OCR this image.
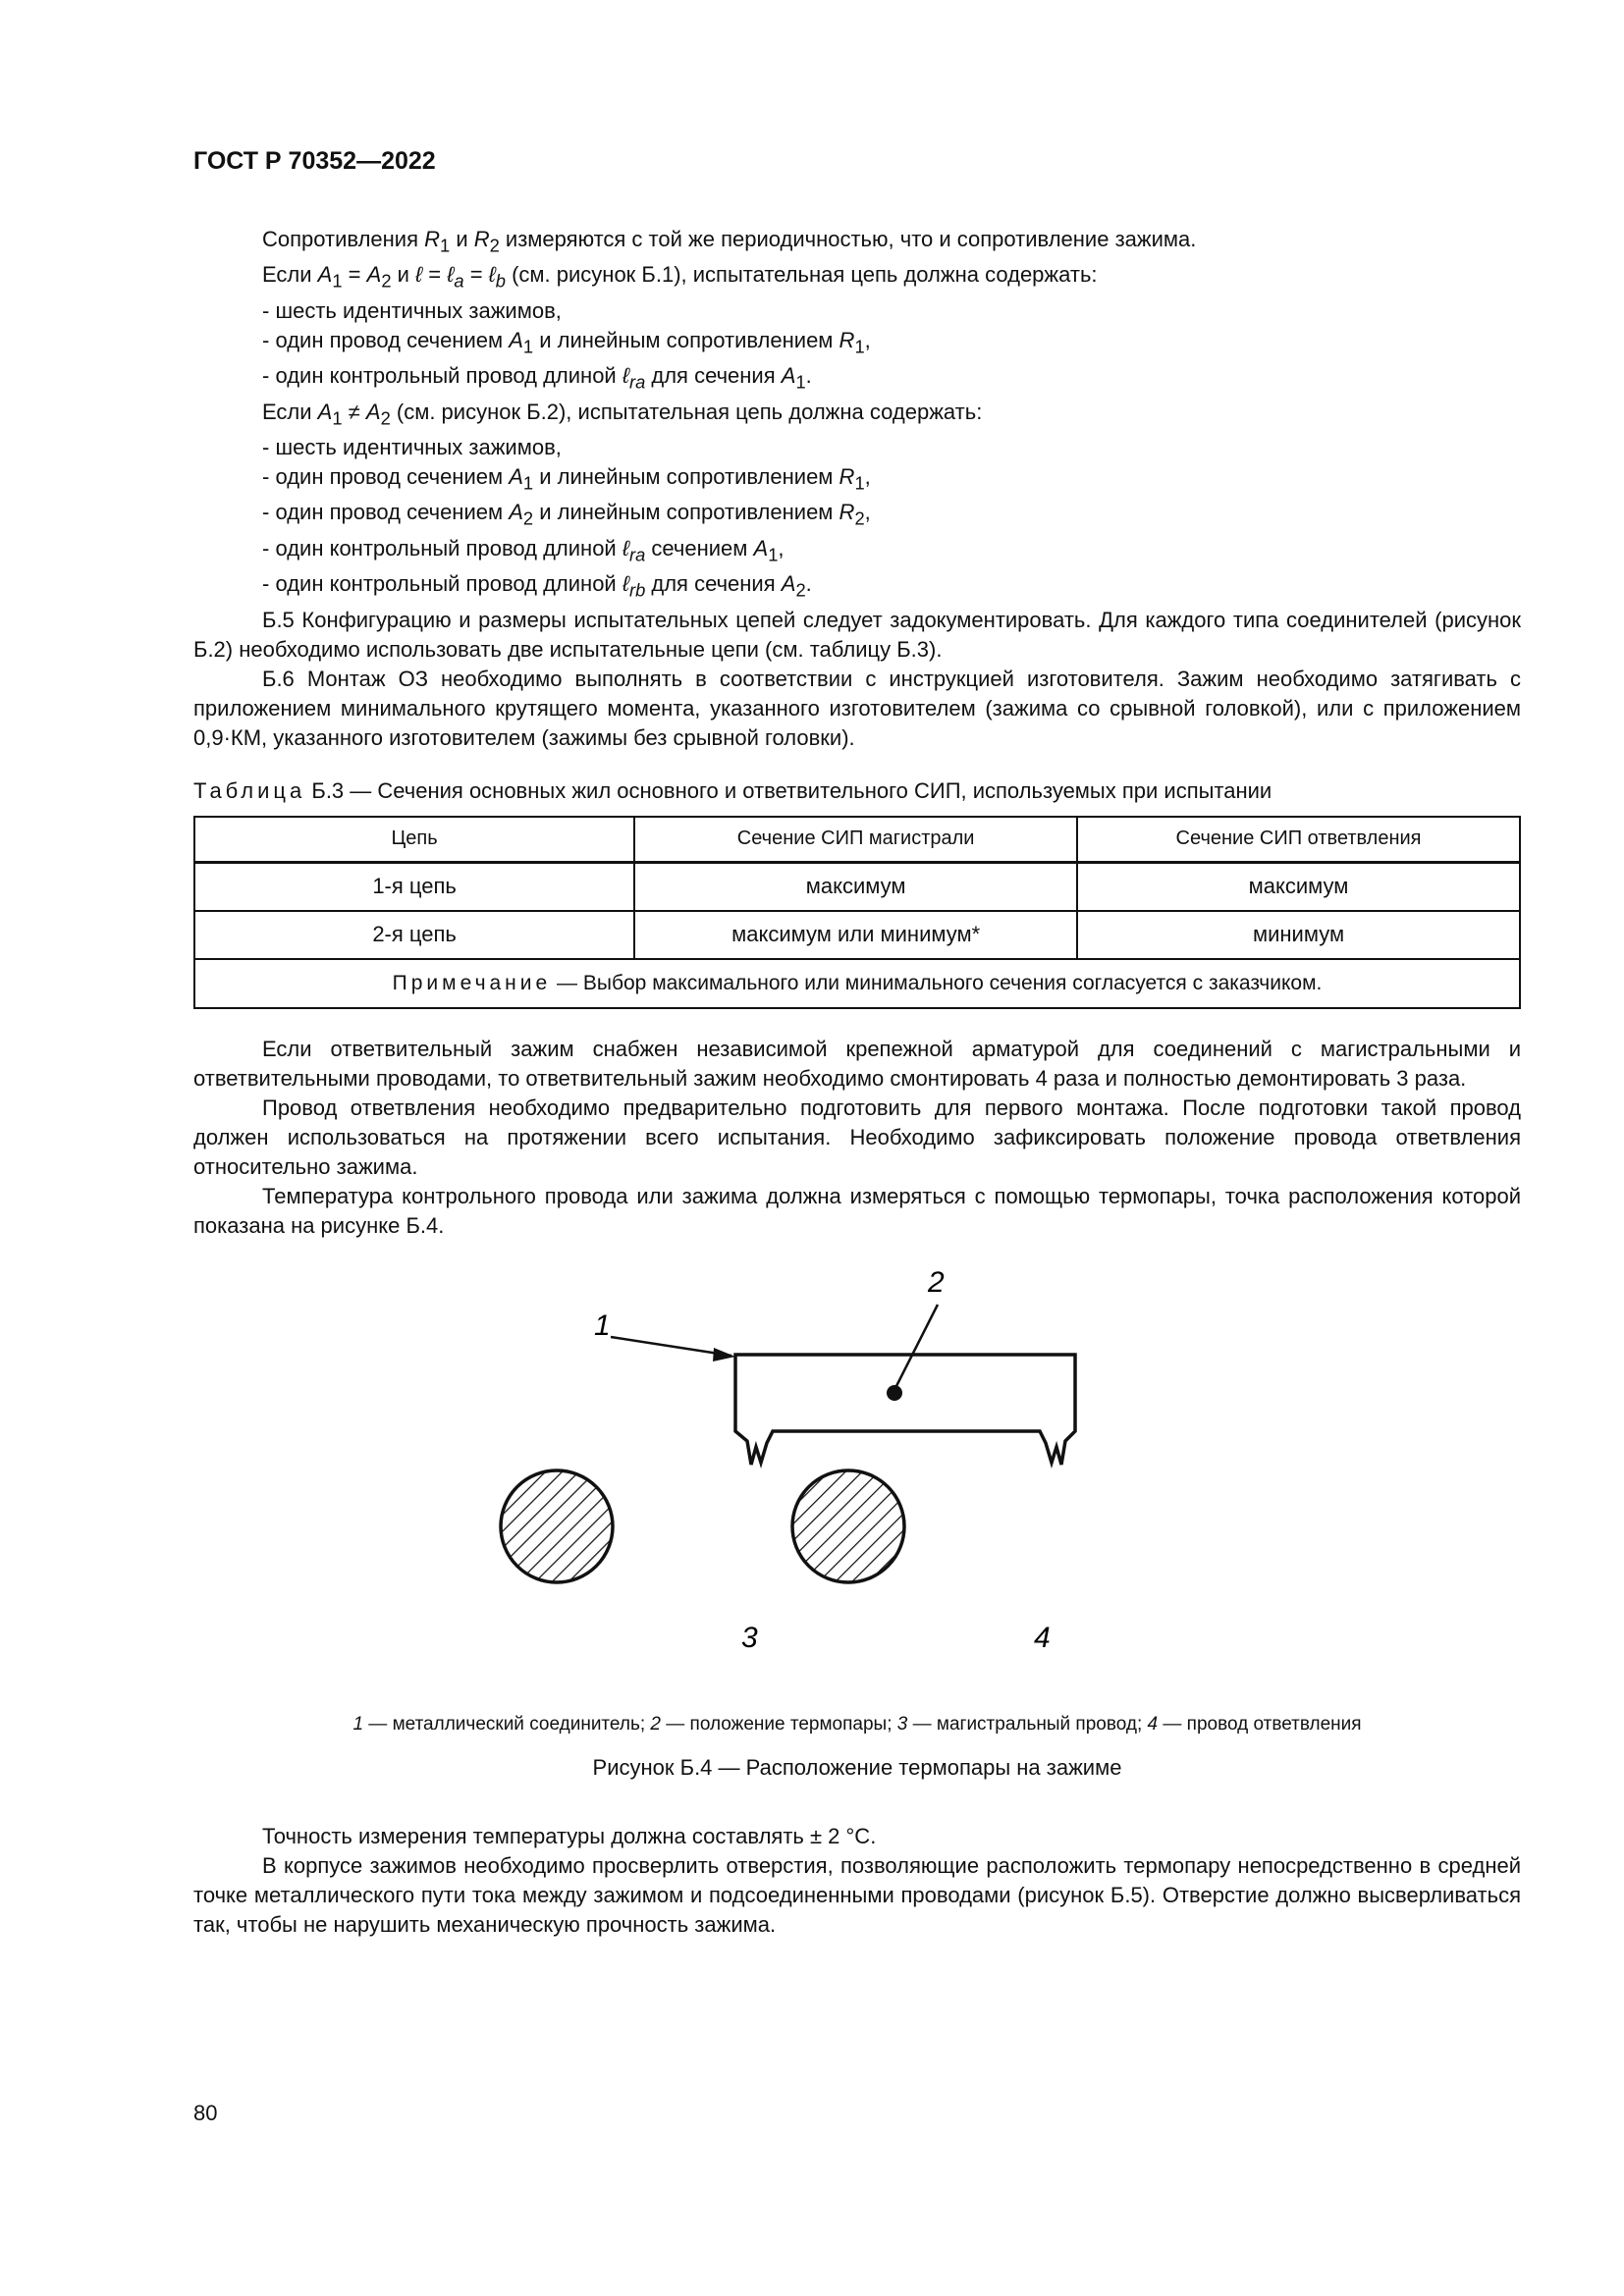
ГОСТ Р 70352—2022

Сопротивления $R_1$ и $R_2$ измеряются с той же периодичностью, что и сопротивление зажима.

Если $A_1 = A_2$ и ℓ = ℓ$_a$ = ℓ$_b$ (см. рисунок Б.1), испытательная цепь должна содержать:

- шесть идентичных зажимов,

- один провод сечением $A_1$ и линейным сопротивлением $R_1$,

- один контрольный провод длиной ℓ$_{ra}$ для сечения $A_1$.

Если $A_1 \ne A_2$ (см. рисунок Б.2), испытательная цепь должна содержать:

- шесть идентичных зажимов,

- один провод сечением $A_1$ и линейным сопротивлением $R_1$,

- один провод сечением $A_2$ и линейным сопротивлением $R_2$,

- один контрольный провод длиной ℓ$_{ra}$ сечением $A_1$,

- один контрольный провод длиной ℓ$_{rb}$ для сечения $A_2$.

Б.5 Конфигурацию и размеры испытательных цепей следует задокументировать. Для каждого типа соединителей (рисунок Б.2) необходимо использовать две испытательные цепи (см. таблицу Б.3).

Б.6 Монтаж ОЗ необходимо выполнять в соответствии с инструкцией изготовителя. Зажим необходимо затягивать с приложением минимального крутящего момента, указанного изготовителем (зажима со срывной головкой), или с приложением 0,9·КМ, указанного изготовителем (зажимы без срывной головки).

Таблица Б.3 — Сечения основных жил основного и ответвительного СИП, используемых при испытании
Цепь	Сечение СИП магистрали	Сечение СИП ответвления
1-я цепь	максимум	максимум
2-я цепь	максимум или минимум*	минимум
Примечание — Выбор максимального или минимального сечения согласуется с заказчиком.		

Если ответвительный зажим снабжен независимой крепежной арматурой для соединений с магистральными и ответвительными проводами, то ответвительный зажим необходимо смонтировать 4 раза и полностью демонтировать 3 раза.

Провод ответвления необходимо предварительно подготовить для первого монтажа. После подготовки такой провод должен использоваться на протяжении всего испытания. Необходимо зафиксировать положение провода ответвления относительно зажима.

Температура контрольного провода или зажима должна измеряться с помощью термопары, точка расположения которой показана на рисунке Б.4.

1
2
3	4
1 — металлический соединитель; 2 — положение термопары; 3 — магистральный провод; 4 — провод ответвления
Рисунок Б.4 — Расположение термопары на зажиме

Точность измерения температуры должна составлять ± 2 °С.

В корпусе зажимов необходимо просверлить отверстия, позволяющие расположить термопару непосредственно в средней точке металлического пути тока между зажимом и подсоединенными проводами (рисунок Б.5). Отверстие должно высверливаться так, чтобы не нарушить механическую прочность зажима.

80
